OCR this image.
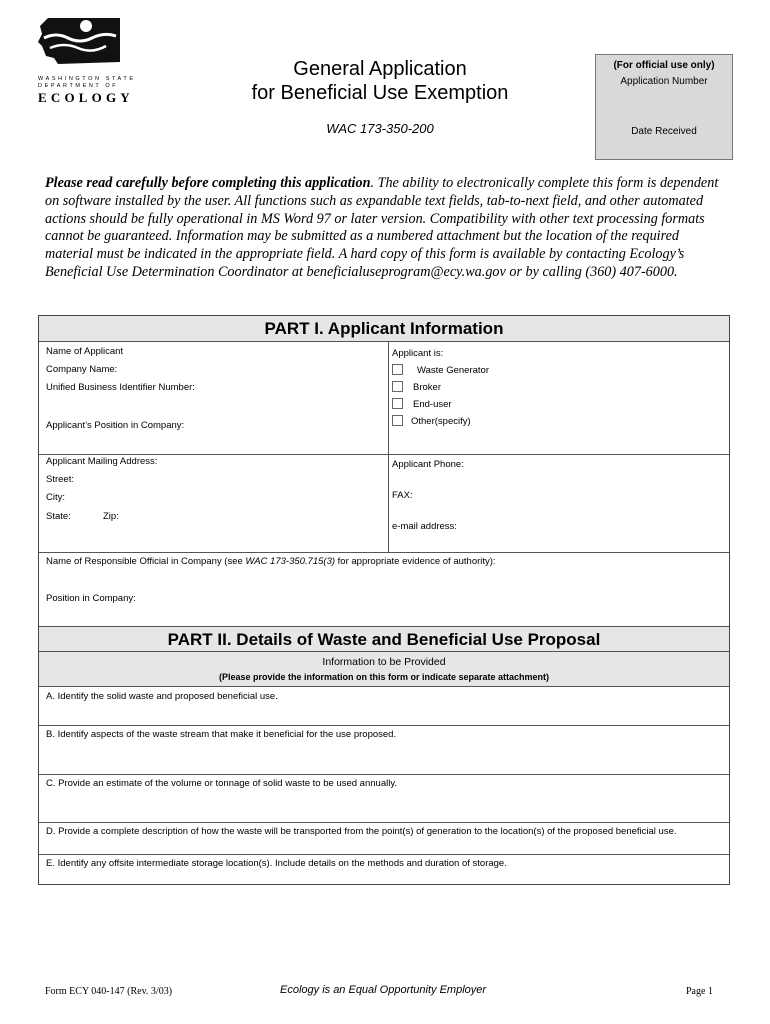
WASHINGTON STATE
DEPARTMENT OF
ECOLOGY
General Application
for Beneficial Use Exemption
WAC 173-350-200
(For official use only)
Application Number
Date Received
Please read carefully before completing this application. The ability to electronically complete this form is dependent on software installed by the user. All functions such as expandable text fields, tab-to-next field, and other automated actions should be fully operational in MS Word 97 or later version. Compatibility with other text processing formats cannot be guaranteed. Information may be submitted as a numbered attachment but the location of the required material must be indicated in the appropriate field. A hard copy of this form is available by contacting Ecology’s Beneficial Use Determination Coordinator at beneficialuseprogram@ecy.wa.gov or by calling (360) 407-6000.
PART I. Applicant Information
Name of Applicant
Company Name:
Unified Business Identifier Number:
Applicant’s Position in Company:
Applicant is:
Waste Generator
Broker
End-user
Other(specify)
Applicant Mailing Address:
Street:
City:
State:	Zip:
Applicant Phone:
FAX:
e-mail address:
Name of Responsible Official in Company (see WAC 173-350.715(3) for appropriate evidence of authority):
Position in Company:
PART II. Details of Waste and Beneficial Use Proposal
Information to be Provided
(Please provide the information on this form or indicate separate attachment)
A. Identify the solid waste and proposed beneficial use.
B. Identify aspects of the waste stream that make it beneficial for the use proposed.
C. Provide an estimate of the volume or tonnage of solid waste to be used annually.
D. Provide a complete description of how the waste will be transported from the point(s) of generation to the location(s) of the proposed beneficial use.
E. Identify any offsite intermediate storage location(s). Include details on the methods and duration of storage.
Form ECY 040-147 (Rev. 3/03)	Ecology is an Equal Opportunity Employer	Page 1
